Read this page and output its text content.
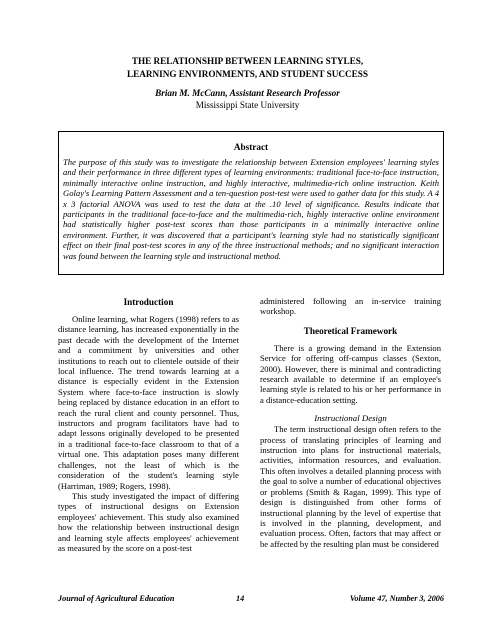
THE RELATIONSHIP BETWEEN LEARNING STYLES,
LEARNING ENVIRONMENTS, AND STUDENT SUCCESS
Brian M. McCann, Assistant Research Professor
Mississippi State University
Abstract

The purpose of this study was to investigate the relationship between Extension employees' learning styles and their performance in three different types of learning environments: traditional face-to-face instruction, minimally interactive online instruction, and highly interactive, multimedia-rich online instruction. Keith Golay's Learning Pattern Assessment and a ten-question post-test were used to gather data for this study. A 4 x 3 factorial ANOVA was used to test the data at the .10 level of significance. Results indicate that participants in the traditional face-to-face and the multimedia-rich, highly interactive online environment had statistically higher post-test scores than those participants in a minimally interactive online environment. Further, it was discovered that a participant's learning style had no statistically significant effect on their final post-test scores in any of the three instructional methods; and no significant interaction was found between the learning style and instructional method.

Introduction

Online learning, what Rogers (1998) refers to as distance learning, has increased exponentially in the past decade with the development of the Internet and a commitment by universities and other institutions to reach out to clientele outside of their local influence. The trend towards learning at a distance is especially evident in the Extension System where face-to-face instruction is slowly being replaced by distance education in an effort to reach the rural client and county personnel. Thus, instructors and program facilitators have had to adapt lessons originally developed to be presented in a traditional face-to-face classroom to that of a virtual one. This adaptation poses many different challenges, not the least of which is the consideration of the student's learning style (Harriman, 1989; Rogers, 1998).

This study investigated the impact of differing types of instructional designs on Extension employees' achievement. This study also examined how the relationship between instructional design and learning style affects employees' achievement as measured by the score on a post-test

administered following an in-service training workshop.

Theoretical Framework

There is a growing demand in the Extension Service for offering off-campus classes (Sexton, 2000). However, there is minimal and contradicting research available to determine if an employee's learning style is related to his or her performance in a distance-education setting.

Instructional Design

The term instructional design often refers to the process of translating principles of learning and instruction into plans for instructional materials, activities, information resources, and evaluation. This often involves a detailed planning process with the goal to solve a number of educational objectives or problems (Smith & Ragan, 1999). This type of design is distinguished from other forms of instructional planning by the level of expertise that is involved in the planning, development, and evaluation process. Often, factors that may affect or be affected by the resulting plan must be considered

Journal of Agricultural Education	14	Volume 47, Number 3, 2006
